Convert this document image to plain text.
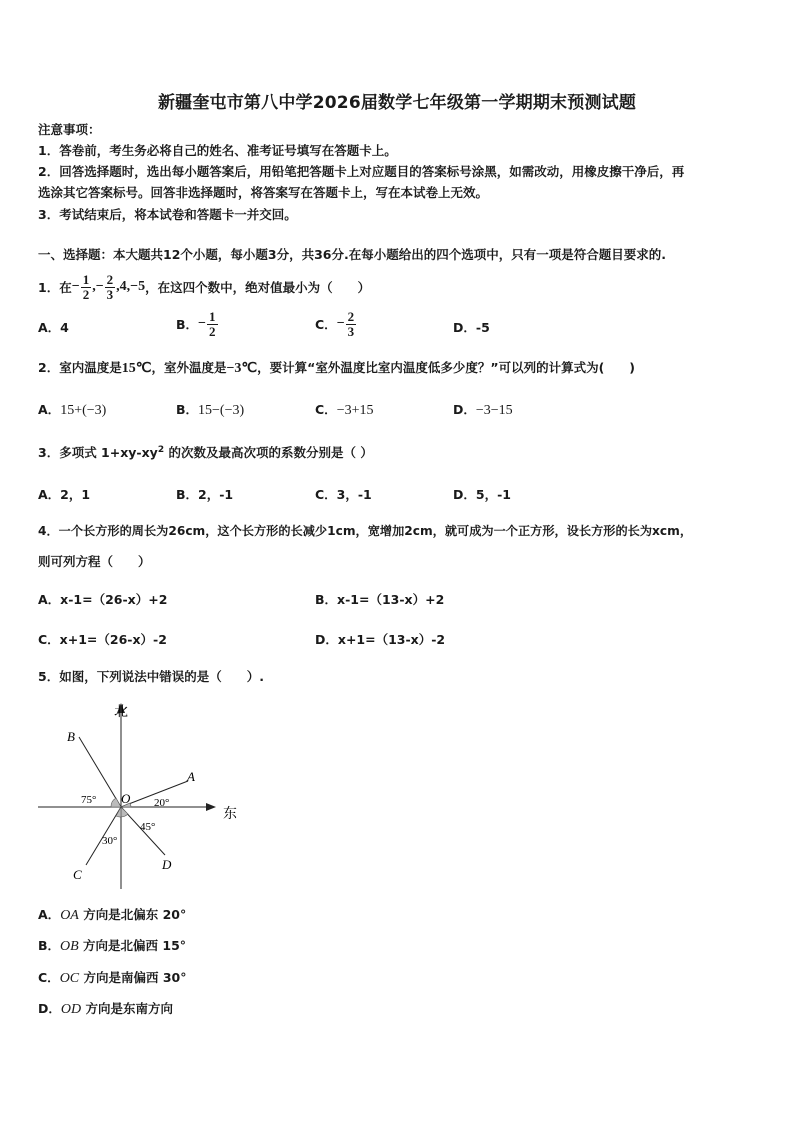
新疆奎屯市第八中学2026届数学七年级第一学期期末预测试题
注意事项：
1．答卷前，考生务必将自己的姓名、准考证号填写在答题卡上。
2．回答选择题时，选出每小题答案后，用铅笔把答题卡上对应题目的答案标号涂黑，如需改动，用橡皮擦干净后，再
选涂其它答案标号。回答非选择题时，将答案写在答题卡上，写在本试卷上无效。
3．考试结束后，将本试卷和答题卡一并交回。
一、选择题：本大题共12个小题，每小题3分，共36分.在每小题给出的四个选项中，只有一项是符合题目要求的.
1．在 − $\frac{1}{2}$ , − $\frac{2}{3} ,4,-5$ ，在这四个数中，绝对值最小为（　　）
A．4	B． − $\frac{1}{2}$	C． − $\frac{2}{3}$	D．-5
2．室内温度是 15℃ ，室外温度是 −3℃ ，要计算“室外温度比室内温度低多少度？”可以列的计算式为(　　)
A．15+(−3)	B．15−(−3)	C．−3+15	D．−3−15
3．多项式 $1+xy-xy^2$ 的次数及最高次项的系数分别是（ ）
A．2，1	B．2，-1	C．3，-1	D．5，-1
4．一个长方形的周长为26cm，这个长方形的长减少1cm，宽增加2cm，就可成为一个正方形，设长方形的长为xcm，
则可列方程（　　）
A．x-1=（26-x）+2	B．x-1=（13-x）+2
C．x+1=（26-x）-2	D．x+1=（13-x）-2
5．如图，下列说法中错误的是（　　）.
北
东
A
B
C
D
O
75°	20°
45°
30°
A．OA 方向是北偏东 20°
B．OB 方向是北偏西 15°
C．OC 方向是南偏西 30°
D．OD 方向是东南方向
